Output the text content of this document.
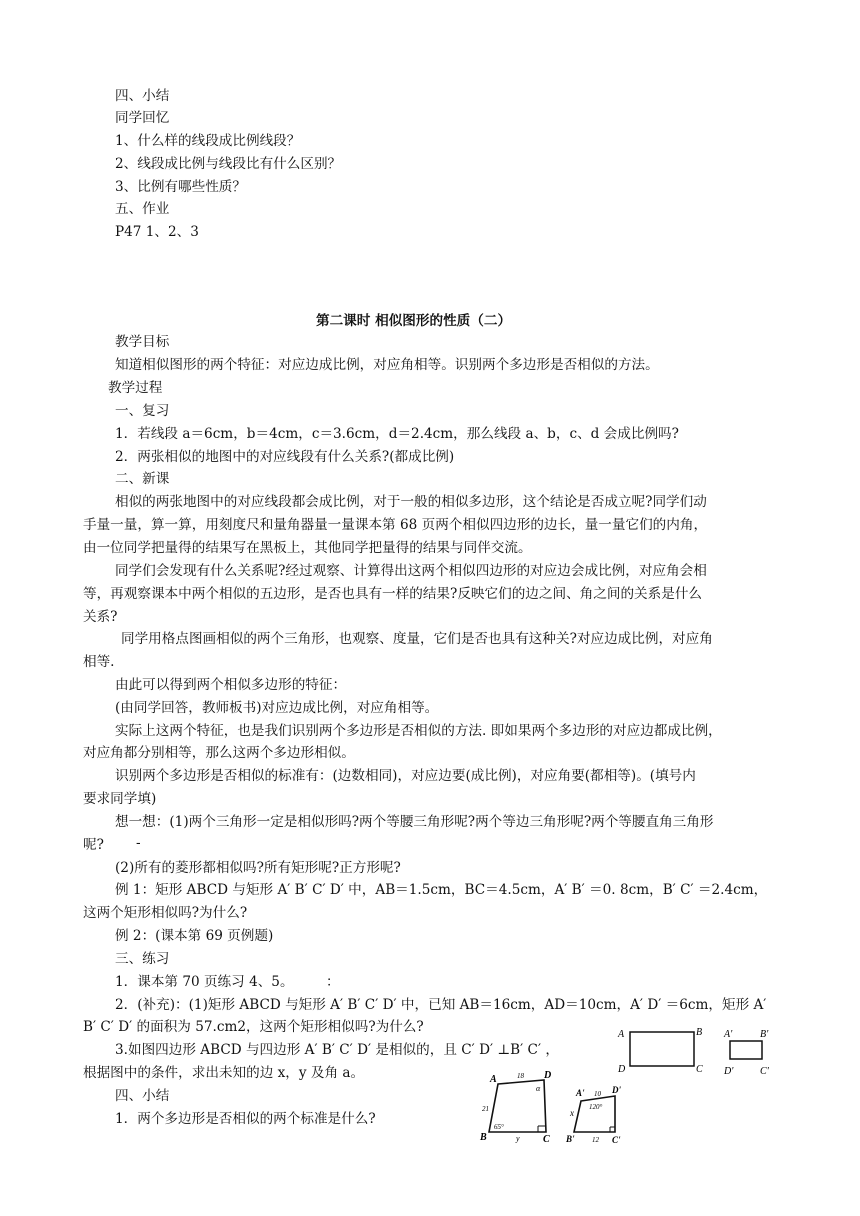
四、小结
同学回忆
1、什么样的线段成比例线段？
2、线段成比例与线段比有什么区别？
3、比例有哪些性质？
五、作业
P47 1、2、3
第二课时 相似图形的性质（二）
教学目标
知道相似图形的两个特征：对应边成比例，对应角相等。识别两个多边形是否相似的方法。
教学过程
一、复习
1．若线段 a＝6cm，b＝4cm，c＝3.6cm，d＝2.4cm，那么线段 a、b，c、d 会成比例吗?
2．两张相似的地图中的对应线段有什么关系?(都成比例)
二、新课
相似的两张地图中的对应线段都会成比例，对于一般的相似多边形，这个结论是否成立呢?同学们动
手量一量，算一算，用刻度尺和量角器量一量课本第 68 页两个相似四边形的边长，量一量它们的内角，
由一位同学把量得的结果写在黑板上，其他同学把量得的结果与同伴交流。
同学们会发现有什么关系呢?经过观察、计算得出这两个相似四边形的对应边会成比例，对应角会相
等，再观察课本中两个相似的五边形，是否也具有一样的结果?反映它们的边之间、角之间的关系是什么
关系?
同学用格点图画相似的两个三角形，也观察、度量，它们是否也具有这种关?对应边成比例，对应角
相等.
由此可以得到两个相似多边形的特征：
(由同学回答，教师板书)对应边成比例，对应角相等。
实际上这两个特征，也是我们识别两个多边形是否相似的方法. 即如果两个多边形的对应边都成比例，
对应角都分别相等，那么这两个多边形相似。
识别两个多边形是否相似的标准有：(边数相同)，对应边要(成比例)，对应角要(都相等)。(填号内
要求同学填)
想一想：(1)两个三角形一定是相似形吗?两个等腰三角形呢?两个等边三角形呢?两个等腰直角三角形
呢? -
(2)所有的菱形都相似吗?所有矩形呢?正方形呢?
例 1：矩形 ABCD 与矩形 A′ B′ C′ D′ 中，AB＝1.5cm，BC＝4.5cm，A′ B′ ＝0. 8cm，B′ C′ ＝2.4cm，
这两个矩形相似吗?为什么?
例 2：(课本第 69 页例题)
三、练习
1．课本第 70 页练习 4、5。 ：
2．(补充)：(1)矩形 ABCD 与矩形 A′ B′ C′ D′ 中，已知 AB＝16cm，AD＝10cm，A′ D′ ＝6cm，矩形 A′
B′ C′ D′ 的面积为 57.cm2，这两个矩形相似吗?为什么?
3.如图四边形 ABCD 与四边形 A′ B′ C′ D′ 是相似的，且 C′ D′ ⊥B′ C′ ，
根据图中的条件，求出未知的边 x，y 及角 a。
四、小结
1．两个多边形是否相似的两个标准是什么?
A	B
C
D
A'	B'
C'
D'
A	D
B	C
18
21
y
65°
α	A'	D'
B'	C'
10
x
12
120°
